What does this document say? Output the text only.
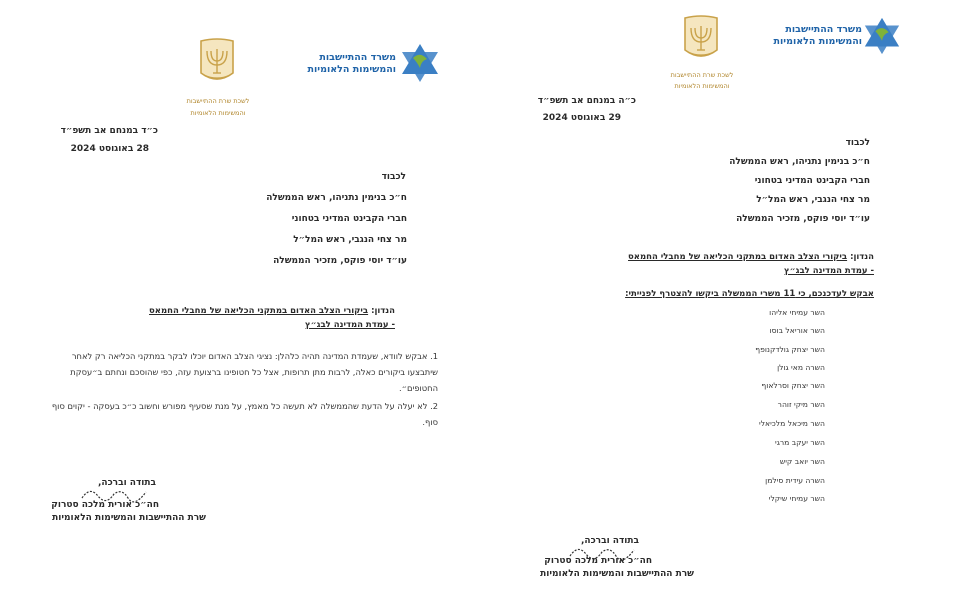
לשכת שרת ההתיישבות
והמשימות הלאומיות
משרד ההתיישבות
והמשימות הלאומיות
כ״ד במנחם אב תשפ״ד
28 באוגוסט 2024
לכבוד
ח״כ בנימין נתניהו, ראש הממשלה
חברי הקבינט המדיני בטחוני
מר צחי הנגבי, ראש המל״ל
עו״ד יוסי פוקס, מזכיר הממשלה
הנדון: ביקורי הצלב האדום במתקני הכליאה של מחבלי החמאס
- עמדת המדינה לבג״ץ
1. אבקש לוודא, שעמדת המדינה תהיה כלהלן: נציגי הצלב האדום יוכלו לבקר במתקני הכליאה רק לאחר שיתבצעו ביקורים כאלה, לרבות מתן תרופות, אצל כל חטופינו ברצועת עזה, כפי שהוסכם ונחתם ב״עסקת החטופים״.
2. לא יעלה על הדעת שהממשלה לא תעשה כל מאמץ, על מנת שסעיף מפורש וחשוב כ״כ בעסקה - יקוים סוף סוף.
בתודה וברכה,
חה״כ אורית מלכה סטרוק
שרת ההתיישבות והמשימות הלאומיות
לשכת שרת ההתיישבות
והמשימות הלאומיות
משרד ההתיישבות
והמשימות הלאומיות
כ״ה במנחם אב תשפ״ד
29 באוגוסט 2024
לכבוד
ח״כ בנימין נתניהו, ראש הממשלה
חברי הקבינט המדיני בטחוני
מר צחי הנגבי, ראש המל״ל
עו״ד יוסי פוקס, מזכיר הממשלה
הנדון: ביקורי הצלב האדום במתקני הכליאה של מחבלי החמאס
- עמדת המדינה לבג״ץ
אבקש לעדכנכם, כי 11 משרי הממשלה ביקשו להצטרף לפנייתי:
השר עמיחי אליהו
השר אוריאל בוסו
השר יצחק גולדקנופף
השרה מאי גולן
השר יצחק וסרלאוף
השר מיקי זוהר
השר מיכאל מלכיאלי
השר יעקב מרגי
השר יואב קיש
השרה עידית סילמן
השר עמיחי שיקלי
בתודה וברכה,
חה״כ אורית מלכה סטרוק
שרת ההתיישבות והמשימות הלאומיות
